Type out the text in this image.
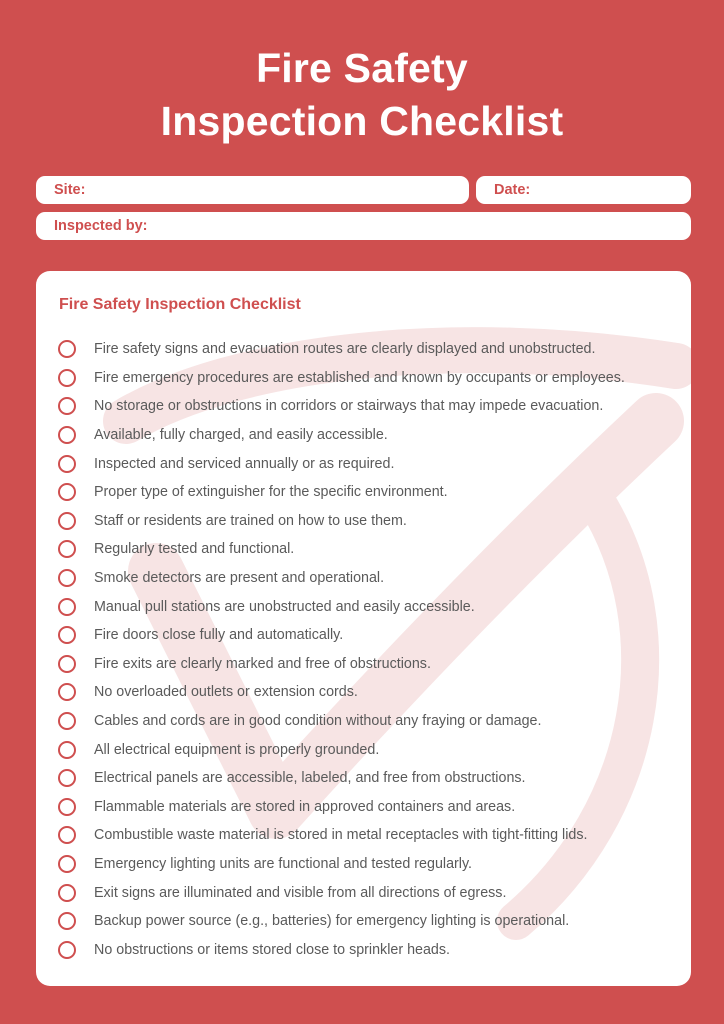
Fire Safety
Inspection Checklist
Site:	Date:
Inspected by:
Fire Safety Inspection Checklist
Fire safety signs and evacuation routes are clearly displayed and unobstructed.
Fire emergency procedures are established and known by occupants or employees.
No storage or obstructions in corridors or stairways that may impede evacuation.
Available, fully charged, and easily accessible.
Inspected and serviced annually or as required.
Proper type of extinguisher for the specific environment.
Staff or residents are trained on how to use them.
Regularly tested and functional.
Smoke detectors are present and operational.
Manual pull stations are unobstructed and easily accessible.
Fire doors close fully and automatically.
Fire exits are clearly marked and free of obstructions.
No overloaded outlets or extension cords.
Cables and cords are in good condition without any fraying or damage.
All electrical equipment is properly grounded.
Electrical panels are accessible, labeled, and free from obstructions.
Flammable materials are stored in approved containers and areas.
Combustible waste material is stored in metal receptacles with tight-fitting lids.
Emergency lighting units are functional and tested regularly.
Exit signs are illuminated and visible from all directions of egress.
Backup power source (e.g., batteries) for emergency lighting is operational.
No obstructions or items stored close to sprinkler heads.
